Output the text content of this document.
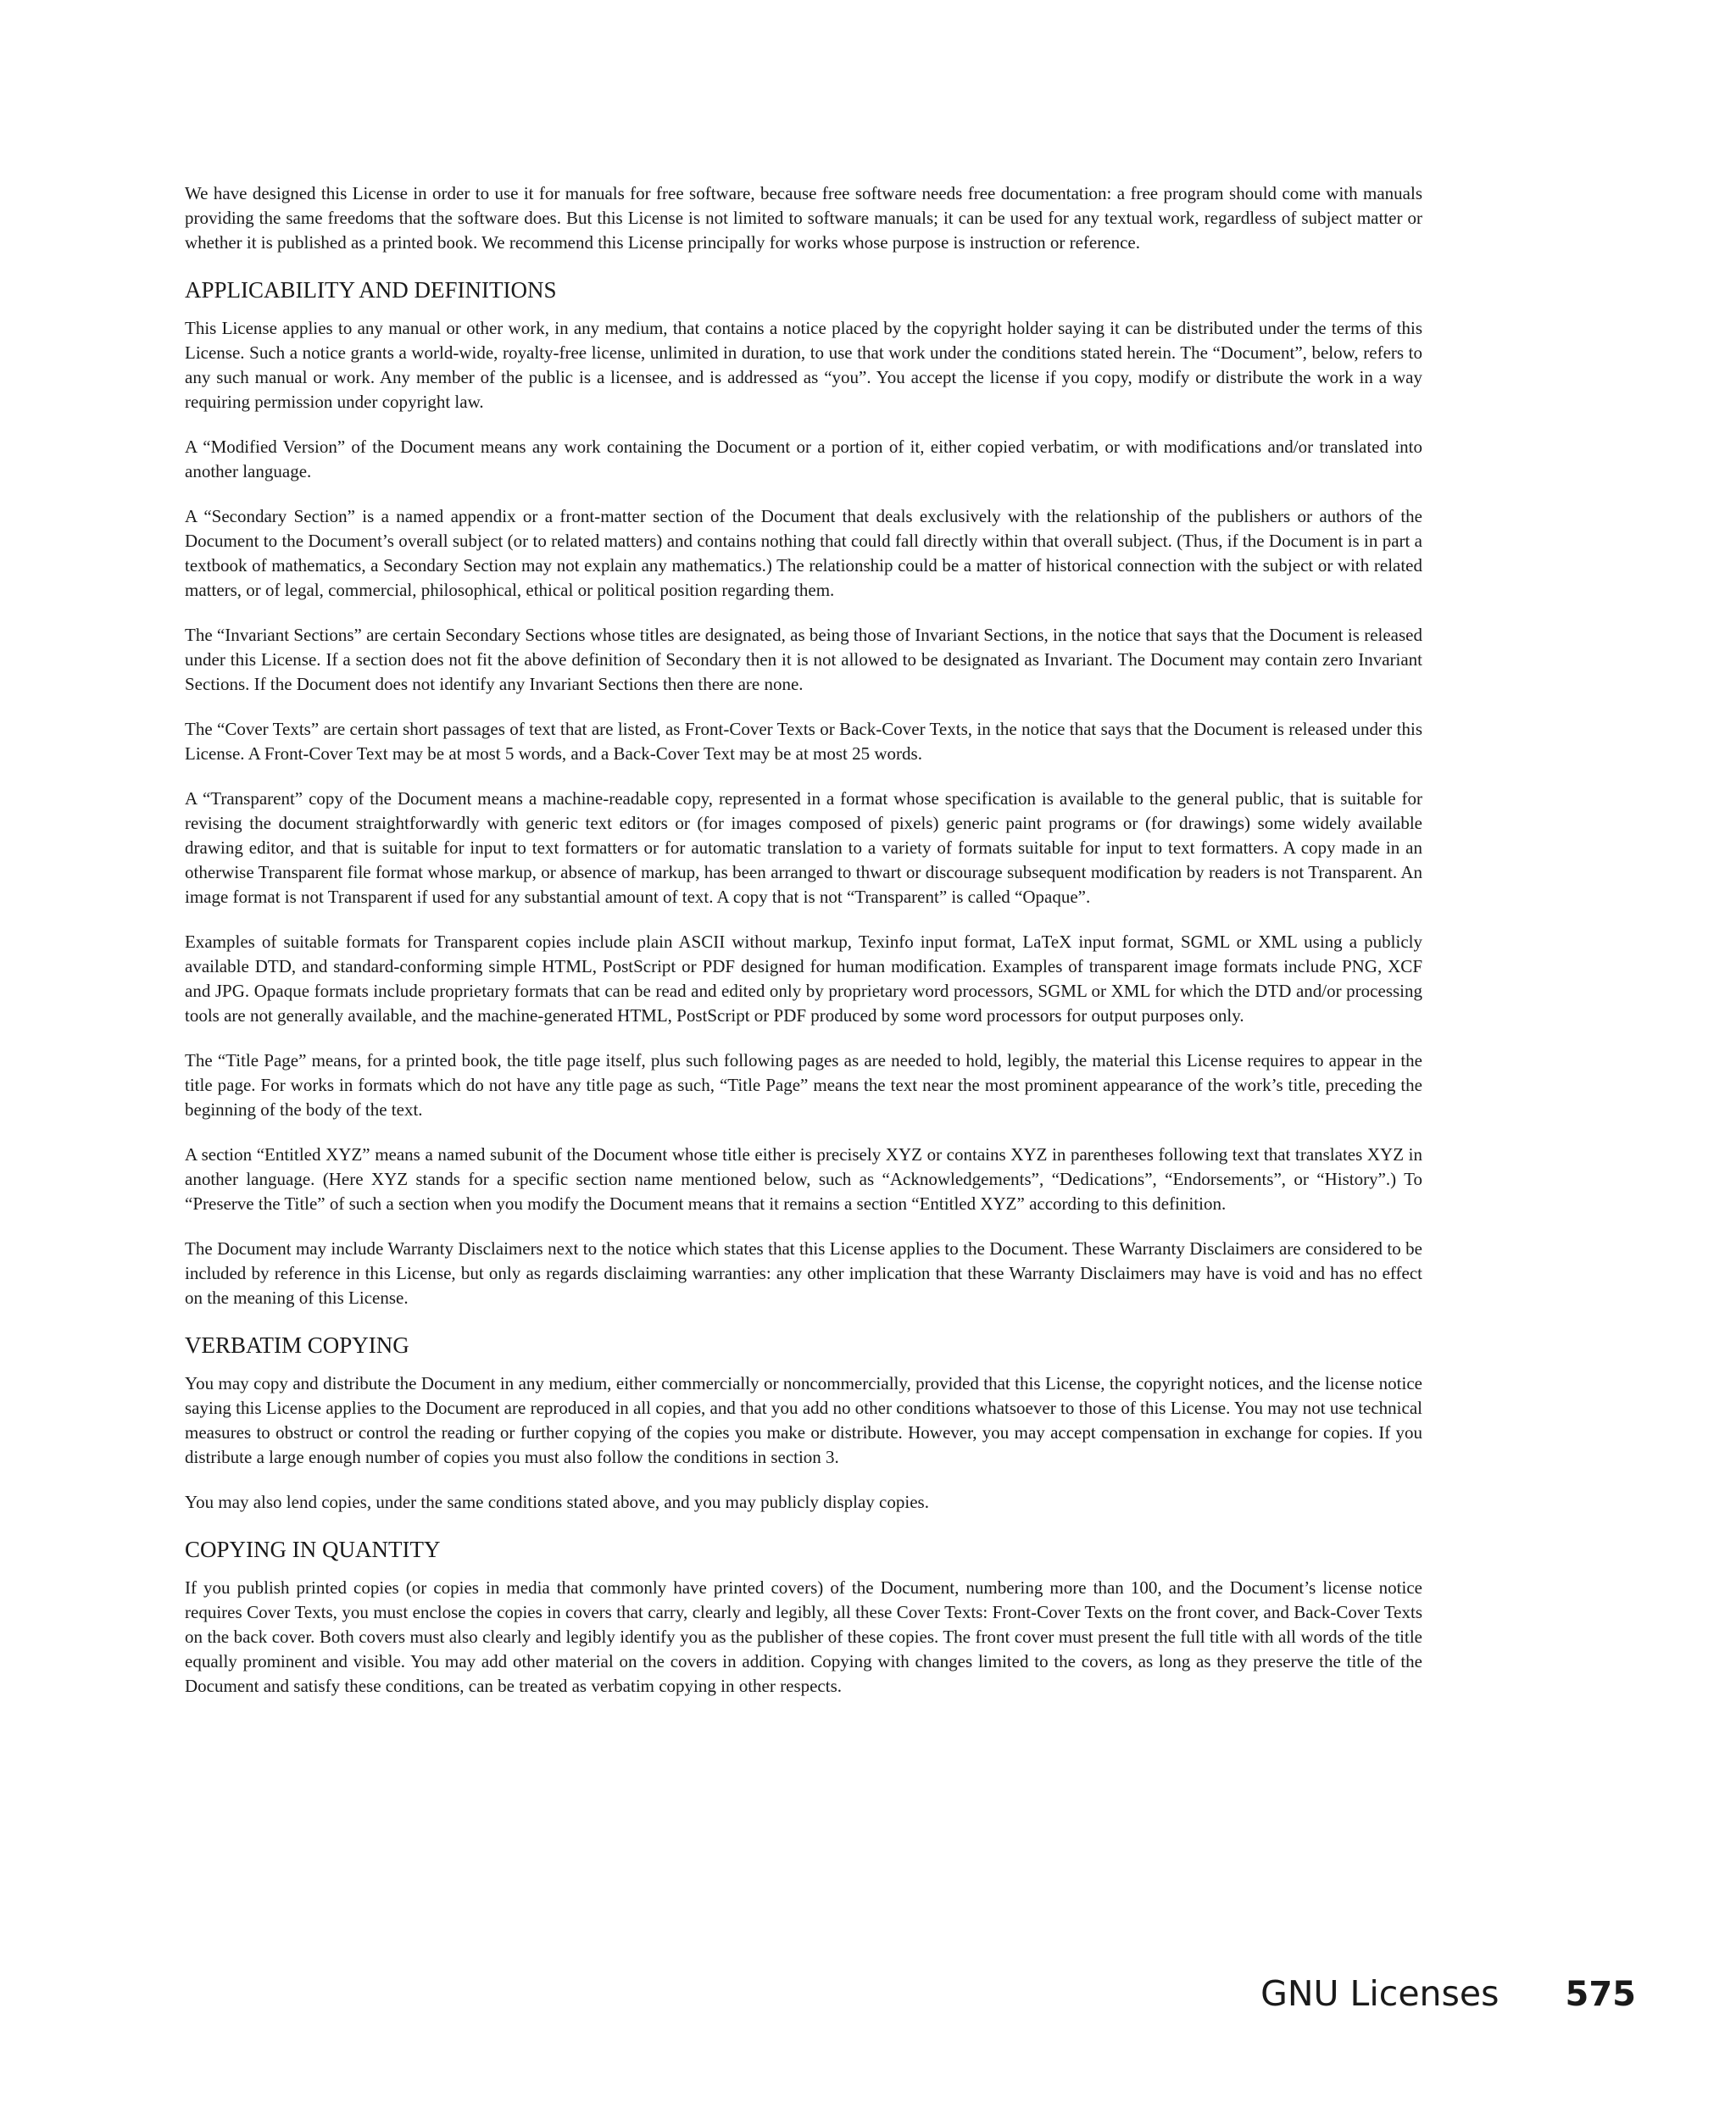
We have designed this License in order to use it for manuals for free software, because free software needs free documentation: a free program should come with manuals providing the same freedoms that the software does. But this License is not limited to software manuals; it can be used for any textual work, regardless of subject matter or whether it is published as a printed book. We recommend this License principally for works whose purpose is instruction or reference.

APPLICABILITY AND DEFINITIONS

This License applies to any manual or other work, in any medium, that contains a notice placed by the copyright holder saying it can be distributed under the terms of this License. Such a notice grants a world-wide, royalty-free license, unlimited in duration, to use that work under the conditions stated herein. The “Document”, below, refers to any such manual or work. Any member of the public is a licensee, and is addressed as “you”. You accept the license if you copy, modify or distribute the work in a way requiring permission under copyright law.

A “Modified Version” of the Document means any work containing the Document or a portion of it, either copied verbatim, or with modifications and/or translated into another language.

A “Secondary Section” is a named appendix or a front-matter section of the Document that deals exclusively with the relationship of the publishers or authors of the Document to the Document’s overall subject (or to related matters) and contains nothing that could fall directly within that overall subject. (Thus, if the Document is in part a textbook of mathematics, a Secondary Section may not explain any mathematics.) The relationship could be a matter of historical connection with the subject or with related matters, or of legal, commercial, philosophical, ethical or political position regarding them.

The “Invariant Sections” are certain Secondary Sections whose titles are designated, as being those of Invariant Sections, in the notice that says that the Document is released under this License. If a section does not fit the above definition of Secondary then it is not allowed to be designated as Invariant. The Document may contain zero Invariant Sections. If the Document does not identify any Invariant Sections then there are none.

The “Cover Texts” are certain short passages of text that are listed, as Front-Cover Texts or Back-Cover Texts, in the notice that says that the Document is released under this License. A Front-Cover Text may be at most 5 words, and a Back-Cover Text may be at most 25 words.

A “Transparent” copy of the Document means a machine-readable copy, represented in a format whose specification is available to the general public, that is suitable for revising the document straightforwardly with generic text editors or (for images composed of pixels) generic paint programs or (for drawings) some widely available drawing editor, and that is suitable for input to text formatters or for automatic translation to a variety of formats suitable for input to text formatters. A copy made in an otherwise Transparent file format whose markup, or absence of markup, has been arranged to thwart or discourage subsequent modification by readers is not Transparent. An image format is not Transparent if used for any substantial amount of text. A copy that is not “Transparent” is called “Opaque”.

Examples of suitable formats for Transparent copies include plain ASCII without markup, Texinfo input format, LaTeX input format, SGML or XML using a publicly available DTD, and standard-conforming simple HTML, PostScript or PDF designed for human modification. Examples of transparent image formats include PNG, XCF and JPG. Opaque formats include proprietary formats that can be read and edited only by proprietary word processors, SGML or XML for which the DTD and/or processing tools are not generally available, and the machine-generated HTML, PostScript or PDF produced by some word processors for output purposes only.

The “Title Page” means, for a printed book, the title page itself, plus such following pages as are needed to hold, legibly, the material this License requires to appear in the title page. For works in formats which do not have any title page as such, “Title Page” means the text near the most prominent appearance of the work’s title, preceding the beginning of the body of the text.

A section “Entitled XYZ” means a named subunit of the Document whose title either is precisely XYZ or contains XYZ in parentheses following text that translates XYZ in another language. (Here XYZ stands for a specific section name mentioned below, such as “Acknowledgements”, “Dedications”, “Endorsements”, or “History”.) To “Preserve the Title” of such a section when you modify the Document means that it remains a section “Entitled XYZ” according to this definition.

The Document may include Warranty Disclaimers next to the notice which states that this License applies to the Document. These Warranty Disclaimers are considered to be included by reference in this License, but only as regards disclaiming warranties: any other implication that these Warranty Disclaimers may have is void and has no effect on the meaning of this License.

VERBATIM COPYING

You may copy and distribute the Document in any medium, either commercially or noncommercially, provided that this License, the copyright notices, and the license notice saying this License applies to the Document are reproduced in all copies, and that you add no other conditions whatsoever to those of this License. You may not use technical measures to obstruct or control the reading or further copying of the copies you make or distribute. However, you may accept compensation in exchange for copies. If you distribute a large enough number of copies you must also follow the conditions in section 3.

You may also lend copies, under the same conditions stated above, and you may publicly display copies.

COPYING IN QUANTITY

If you publish printed copies (or copies in media that commonly have printed covers) of the Document, numbering more than 100, and the Document’s license notice requires Cover Texts, you must enclose the copies in covers that carry, clearly and legibly, all these Cover Texts: Front-Cover Texts on the front cover, and Back-Cover Texts on the back cover. Both covers must also clearly and legibly identify you as the publisher of these copies. The front cover must present the full title with all words of the title equally prominent and visible. You may add other material on the covers in addition. Copying with changes limited to the covers, as long as they preserve the title of the Document and satisfy these conditions, can be treated as verbatim copying in other respects.

GNU Licenses 575
